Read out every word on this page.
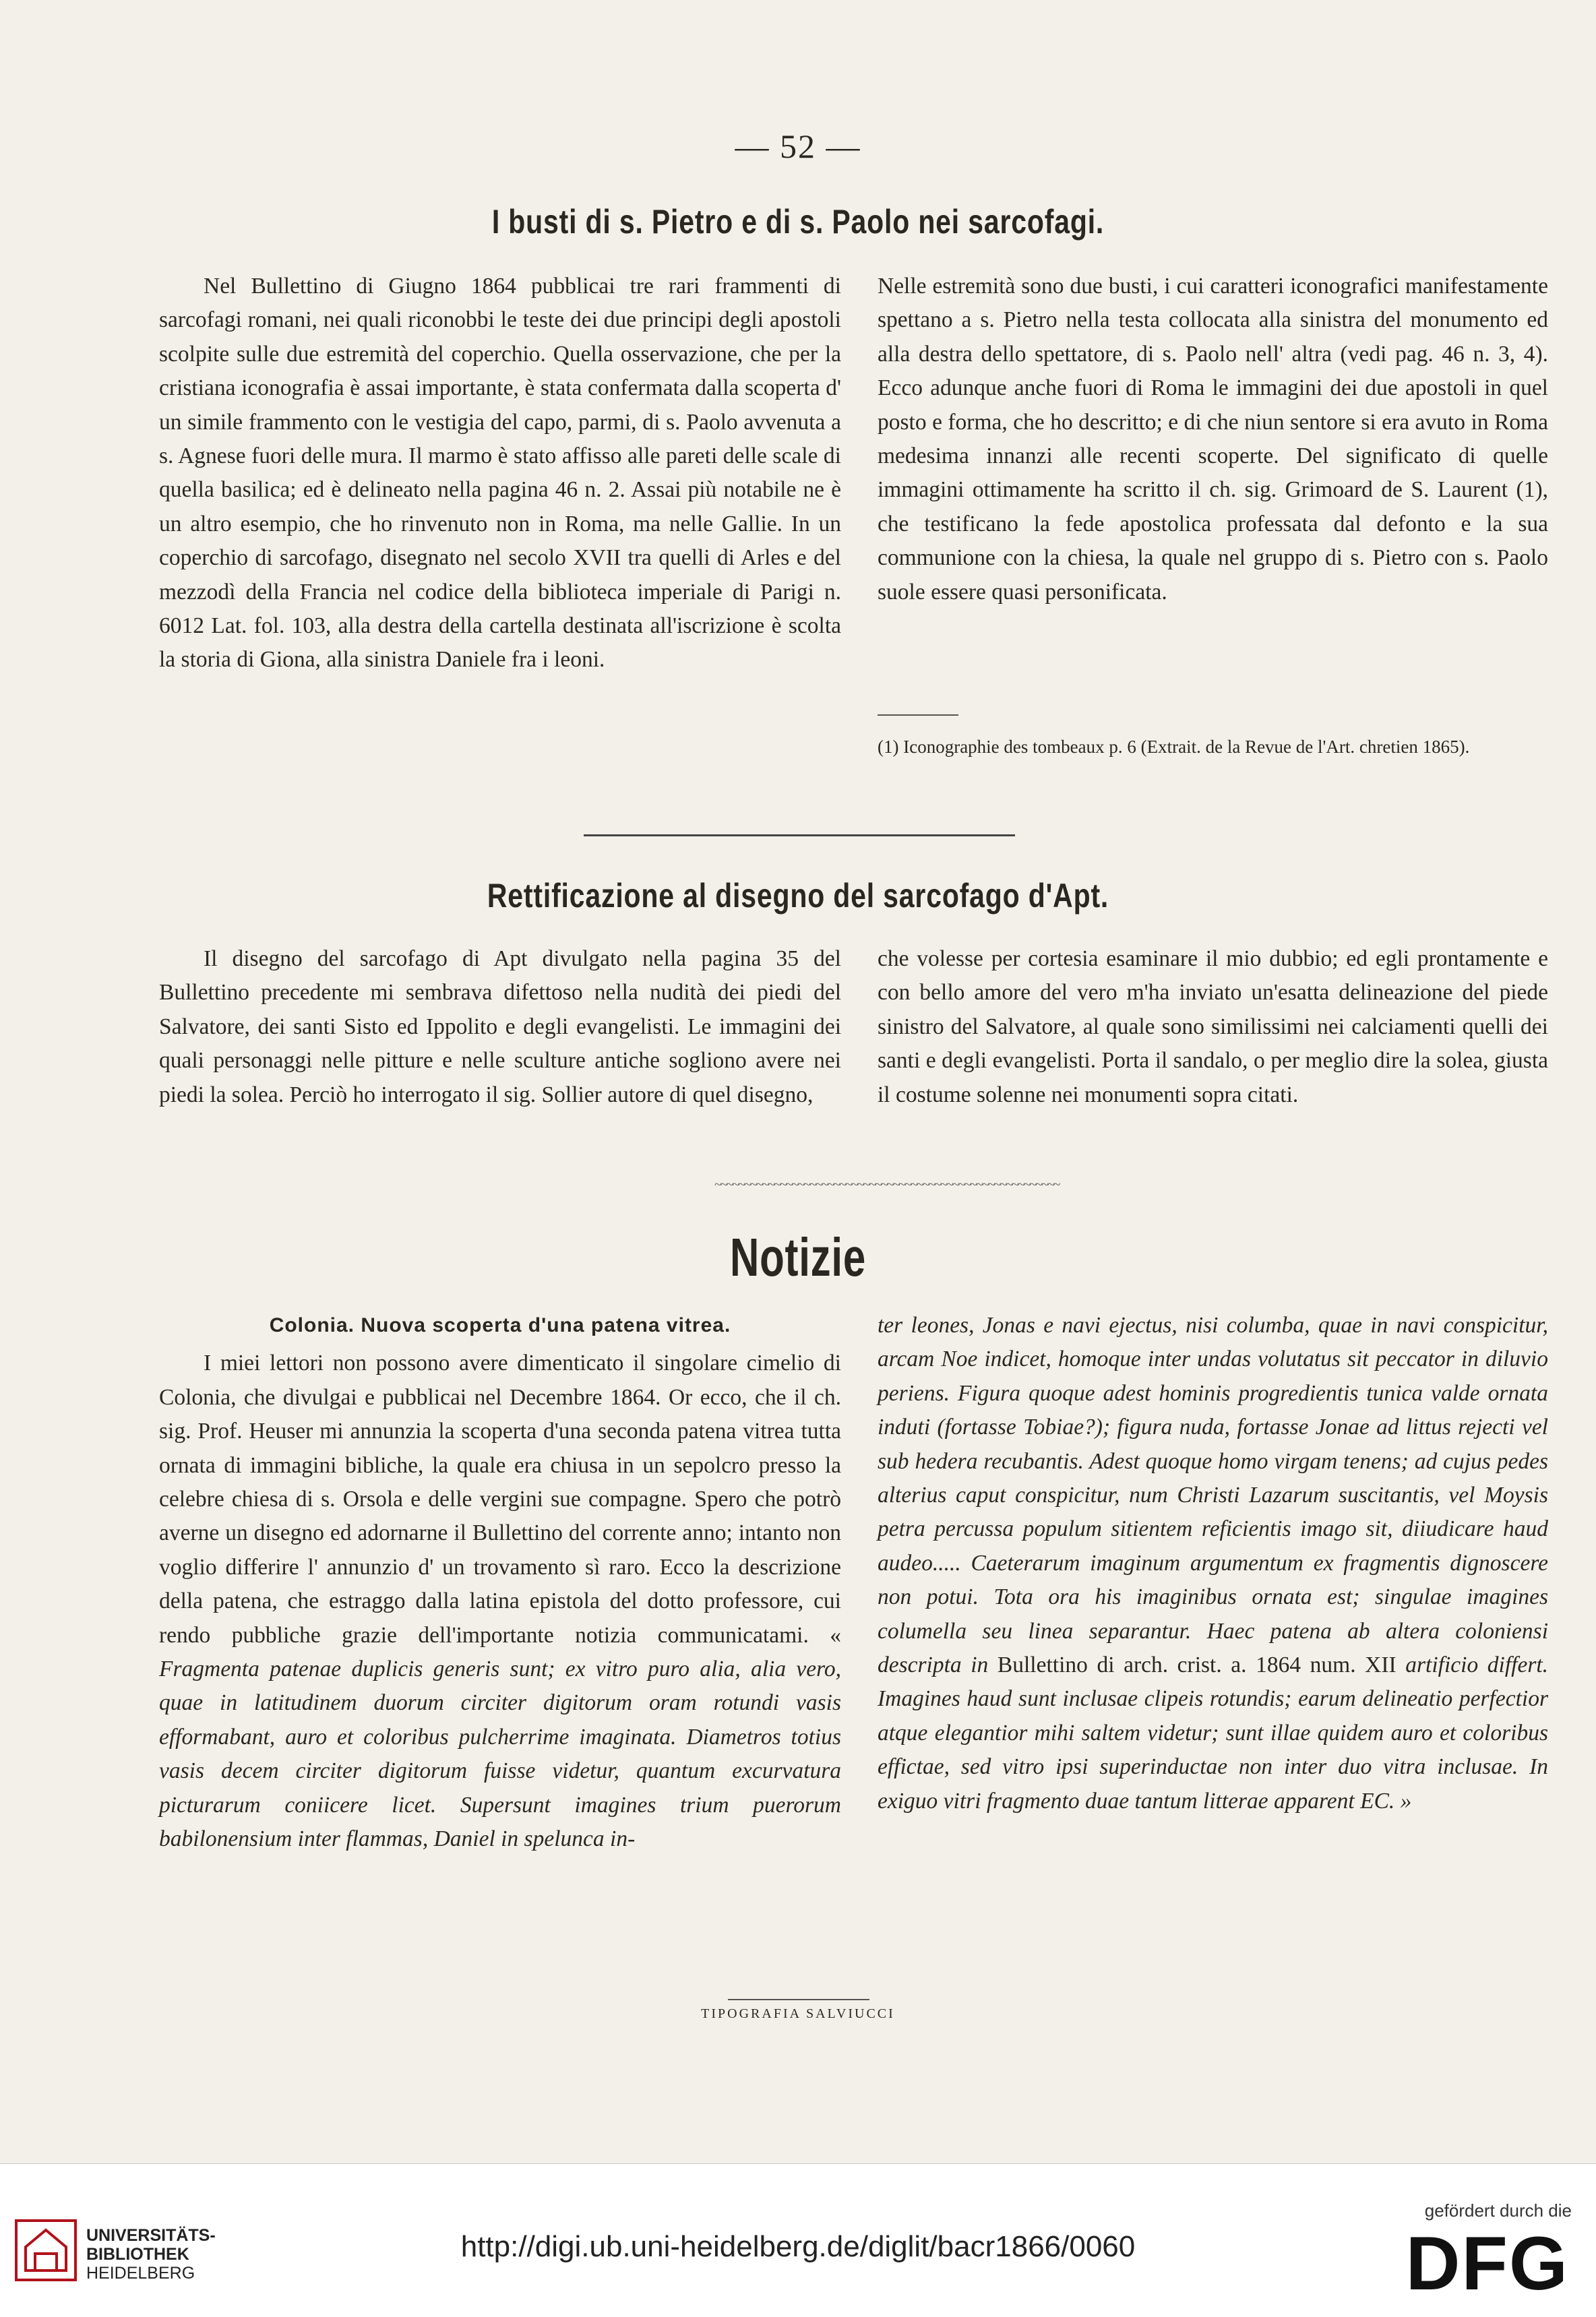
— 52 —
I busti di s. Pietro e di s. Paolo nei sarcofagi.

Nel Bullettino di Giugno 1864 pubblicai tre rari frammenti di sarcofagi romani, nei quali riconobbi le teste dei due principi degli apostoli scolpite sulle due estremità del coperchio. Quella osservazione, che per la cristiana iconografia è assai importante, è stata confermata dalla scoperta d' un simile frammento con le vestigia del capo, parmi, di s. Paolo avvenuta a s. Agnese fuori delle mura. Il marmo è stato affisso alle pareti delle scale di quella basilica; ed è delineato nella pagina 46 n. 2. Assai più notabile ne è un altro esempio, che ho rinvenuto non in Roma, ma nelle Gallie. In un coperchio di sarcofago, disegnato nel secolo XVII tra quelli di Arles e del mezzodì della Francia nel codice della biblioteca imperiale di Parigi n. 6012 Lat. fol. 103, alla destra della cartella destinata all'iscrizione è scolta la storia di Giona, alla sinistra Daniele fra i leoni.

Nelle estremità sono due busti, i cui caratteri iconografici manifestamente spettano a s. Pietro nella testa collocata alla sinistra del monumento ed alla destra dello spettatore, di s. Paolo nell' altra (vedi pag. 46 n. 3, 4). Ecco adunque anche fuori di Roma le immagini dei due apostoli in quel posto e forma, che ho descritto; e di che niun sentore si era avuto in Roma medesima innanzi alle recenti scoperte. Del significato di quelle immagini ottimamente ha scritto il ch. sig. Grimoard de S. Laurent (1), che testificano la fede apostolica professata dal defonto e la sua communione con la chiesa, la quale nel gruppo di s. Pietro con s. Paolo suole essere quasi personificata.

(1) Iconographie des tombeaux p. 6 (Extrait. de la Revue de l'Art. chretien 1865).
Rettificazione al disegno del sarcofago d'Apt.

Il disegno del sarcofago di Apt divulgato nella pagina 35 del Bullettino precedente mi sembrava difettoso nella nudità dei piedi del Salvatore, dei santi Sisto ed Ippolito e degli evangelisti. Le immagini dei quali personaggi nelle pitture e nelle sculture antiche sogliono avere nei piedi la solea. Perciò ho interrogato il sig. Sollier autore di quel disegno,

che volesse per cortesia esaminare il mio dubbio; ed egli prontamente e con bello amore del vero m'ha inviato un'esatta delineazione del piede sinistro del Salvatore, al quale sono similissimi nei calciamenti quelli dei santi e degli evangelisti. Porta il sandalo, o per meglio dire la solea, giusta il costume solenne nei monumenti sopra citati.

~~~~~~~~~~~~~~~~~~~~~~~~~~~~~~~~~~~~~~~~~~~~~~~~~~~~~~~~~~
Notizie
Colonia. Nuova scoperta d'una patena vitrea.

I miei lettori non possono avere dimenticato il singolare cimelio di Colonia, che divulgai e pubblicai nel Decembre 1864. Or ecco, che il ch. sig. Prof. Heuser mi annunzia la scoperta d'una seconda patena vitrea tutta ornata di immagini bibliche, la quale era chiusa in un sepolcro presso la celebre chiesa di s. Orsola e delle vergini sue compagne. Spero che potrò averne un disegno ed adornarne il Bullettino del corrente anno; intanto non voglio differire l' annunzio d' un trovamento sì raro. Ecco la descrizione della patena, che estraggo dalla latina epistola del dotto professore, cui rendo pubbliche grazie dell'importante notizia communicatami. « Fragmenta patenae duplicis generis sunt; ex vitro puro alia, alia vero, quae in latitudinem duorum circiter digitorum oram rotundi vasis efformabant, auro et coloribus pulcherrime imaginata. Diametros totius vasis decem circiter digitorum fuisse videtur, quantum excurvatura picturarum coniicere licet. Supersunt imagines trium puerorum babilonensium inter flammas, Daniel in spelunca in-

ter leones, Jonas e navi ejectus, nisi columba, quae in navi conspicitur, arcam Noe indicet, homoque inter undas volutatus sit peccator in diluvio periens. Figura quoque adest hominis progredientis tunica valde ornata induti (fortasse Tobiae?); figura nuda, fortasse Jonae ad littus rejecti vel sub hedera recubantis. Adest quoque homo virgam tenens; ad cujus pedes alterius caput conspicitur, num Christi Lazarum suscitantis, vel Moysis petra percussa populum sitientem reficientis imago sit, diiudicare haud audeo..... Caeterarum imaginum argumentum ex fragmentis dignoscere non potui. Tota ora his imaginibus ornata est; singulae imagines columella seu linea separantur. Haec patena ab altera coloniensi descripta in Bullettino di arch. crist. a. 1864 num. XII artificio differt. Imagines haud sunt inclusae clipeis rotundis; earum delineatio perfectior atque elegantior mihi saltem videtur; sunt illae quidem auro et coloribus effictae, sed vitro ipsi superinductae non inter duo vitra inclusae. In exiguo vitri fragmento duae tantum litterae apparent EC. »

TIPOGRAFIA SALVIUCCI
UNIVERSITÄTS-
BIBLIOTHEK
HEIDELBERG
http://digi.ub.uni-heidelberg.de/diglit/bacr1866/0060
gefördert durch die
DFG
